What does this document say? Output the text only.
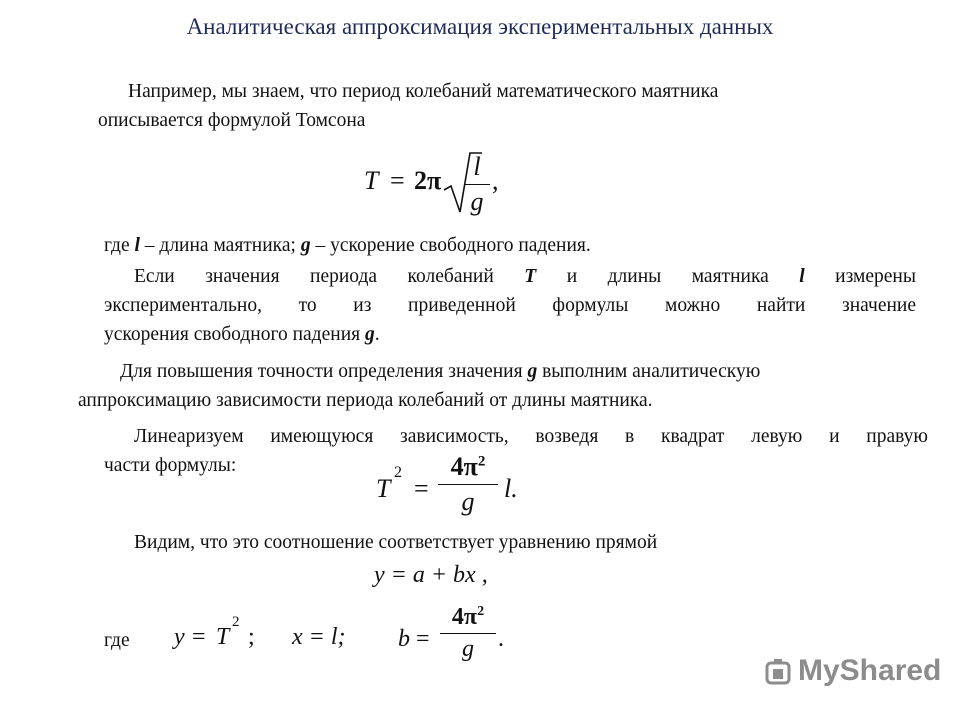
Аналитическая аппроксимация экспериментальных данных
Например, мы знаем, что период колебаний математического маятника
описывается формулой Томсона
$T = 2\pi \frac{l}{g}$ ,
где l – длина маятника; g – ускорение свободного падения.
Если значения периода колебаний T и длины маятника l измерены
экспериментально, то из приведенной формулы можно найти значение
ускорения свободного падения g.
Для повышения точности определения значения g выполним аналитическую
аппроксимацию зависимости периода колебаний от длины маятника.
Линеаризуем имеющуюся зависимость, возведя в квадрат левую и правую
части формулы:
T
2
= $\frac{4\pi^2}{g} l$.
Видим, что это соотношение соответствует уравнению прямой
y = a + bx ,
где y = T
2
; x = l; $b = \frac{4\pi^2}{g}$ .
MyShared
